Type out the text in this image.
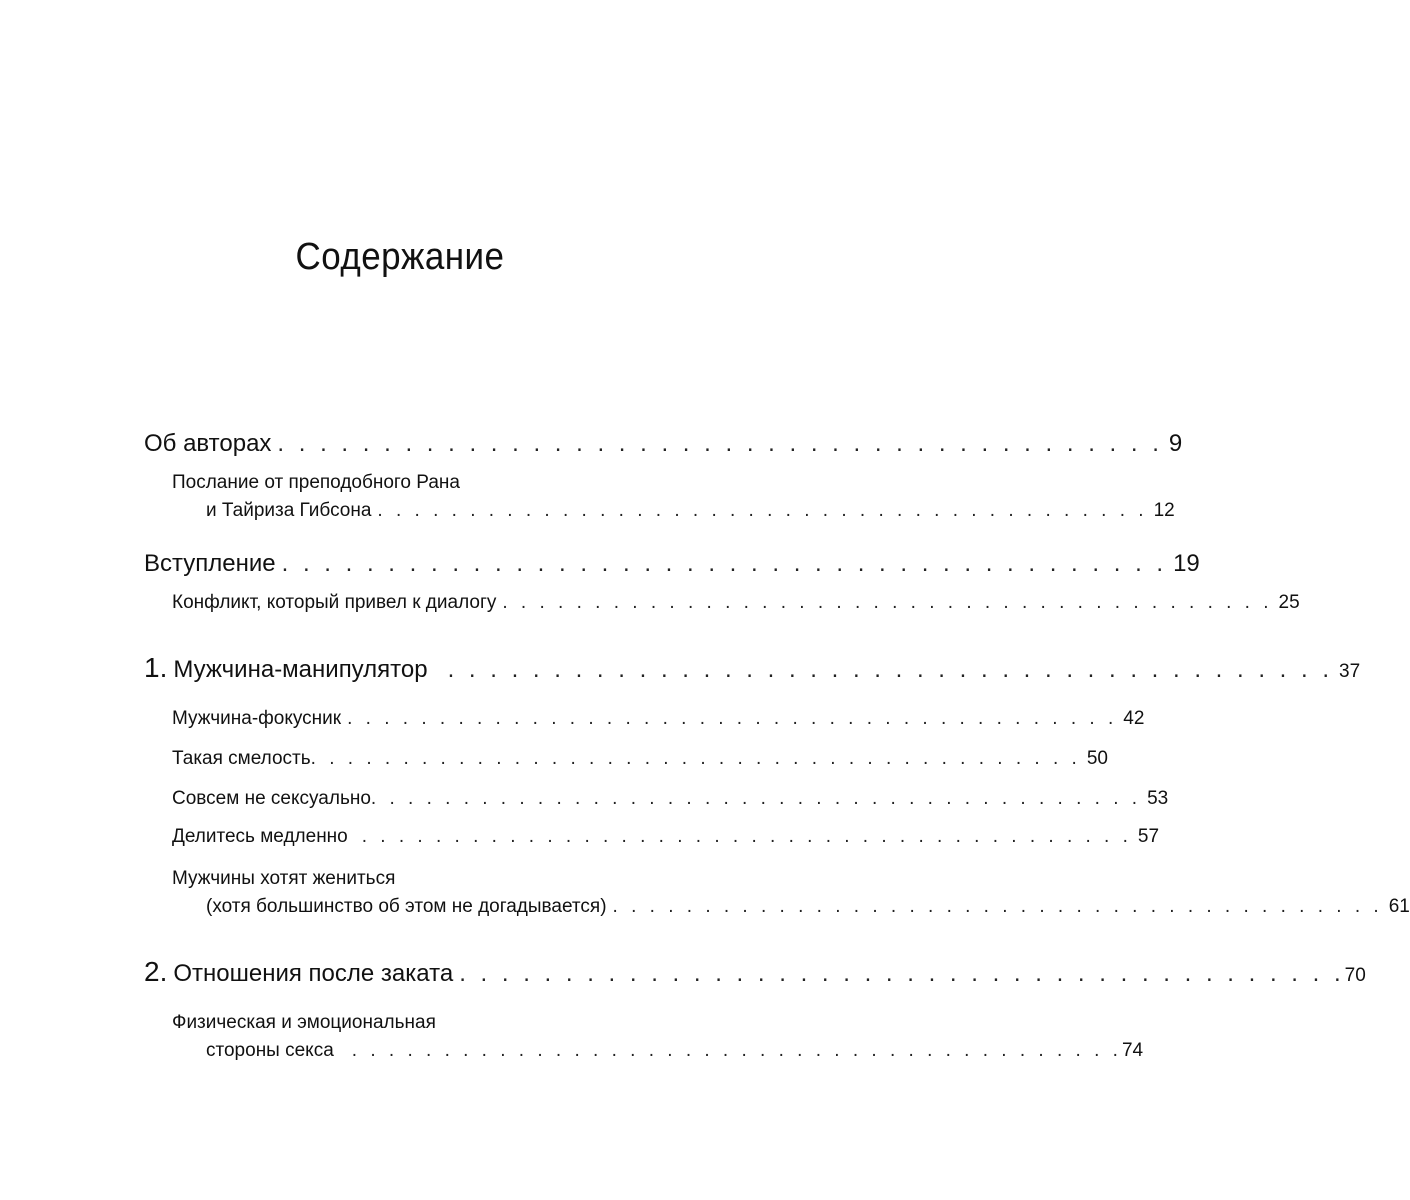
Содержание
Об авторах . . . . . . . . . . . . . . . . . . . . . . . . . . . . . . . . . . . . . . . . . . 9
Послание от преподобного Рана
и Тайриза Гибсона . . . . . . . . . . . . . . . . . . . . . . . . . . . . . . . . . . . . . . . . . . 12
Вступление . . . . . . . . . . . . . . . . . . . . . . . . . . . . . . . . . . . . . . . . . . 19
Конфликт, который привел к диалогу . . . . . . . . . . . . . . . . . . . . . . . . . . . . . . . . . . . . . . . . . . 25
1. Мужчина-манипулятор . . . . . . . . . . . . . . . . . . . . . . . . . . . . . . . . . . . . . . . . . . 37
Мужчина-фокусник . . . . . . . . . . . . . . . . . . . . . . . . . . . . . . . . . . . . . . . . . . 42
Такая смелость . . . . . . . . . . . . . . . . . . . . . . . . . . . . . . . . . . . . . . . . . . 50
Совсем не сексуально . . . . . . . . . . . . . . . . . . . . . . . . . . . . . . . . . . . . . . . . . . 53
Делитесь медленно . . . . . . . . . . . . . . . . . . . . . . . . . . . . . . . . . . . . . . . . . . 57
Мужчины хотят жениться
(хотя большинство об этом не догадывается) . . . . . . . . . . . . . . . . . . . . . . . . . . . . . . . . . . . . . . . . . . 61
2. Отношения после заката . . . . . . . . . . . . . . . . . . . . . . . . . . . . . . . . . . . . . . . . . . 70
Физическая и эмоциональная
стороны секса . . . . . . . . . . . . . . . . . . . . . . . . . . . . . . . . . . . . . . . . . . 74
